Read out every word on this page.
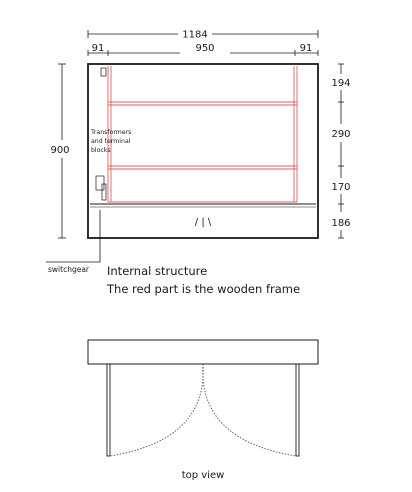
1184
91	950	91
900
194
290
170
186
Transformers
and terminal
blocks
/ | \
switchgear Internal structure
The red part is the wooden frame
top view
